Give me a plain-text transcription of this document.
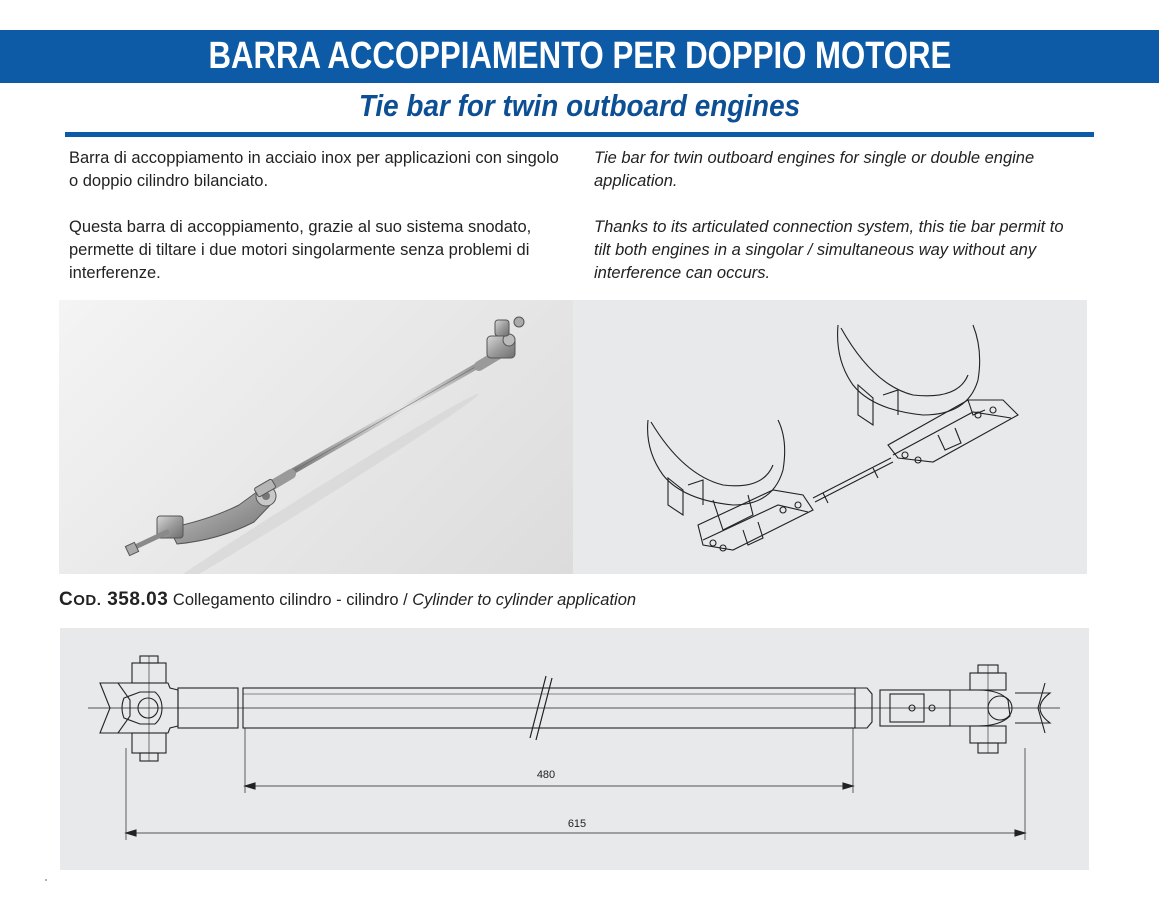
BARRA ACCOPPIAMENTO PER DOPPIO MOTORE
Tie bar for twin outboard engines

Barra di accoppiamento in acciaio inox per applicazioni con singolo o doppio cilindro bilanciato.

Questa barra di accoppiamento, grazie al suo sistema snodato, permette di tiltare i due motori singolarmente senza problemi di interferenze.

Tie bar for twin outboard engines for single or double engine application.

Thanks to its articulated connection system, this tie bar permit to tilt both engines in a singolar / simultaneous way without any interference can occurs.

COD. 358.03 Collegamento cilindro - cilindro / Cylinder to cylinder application
480
615
